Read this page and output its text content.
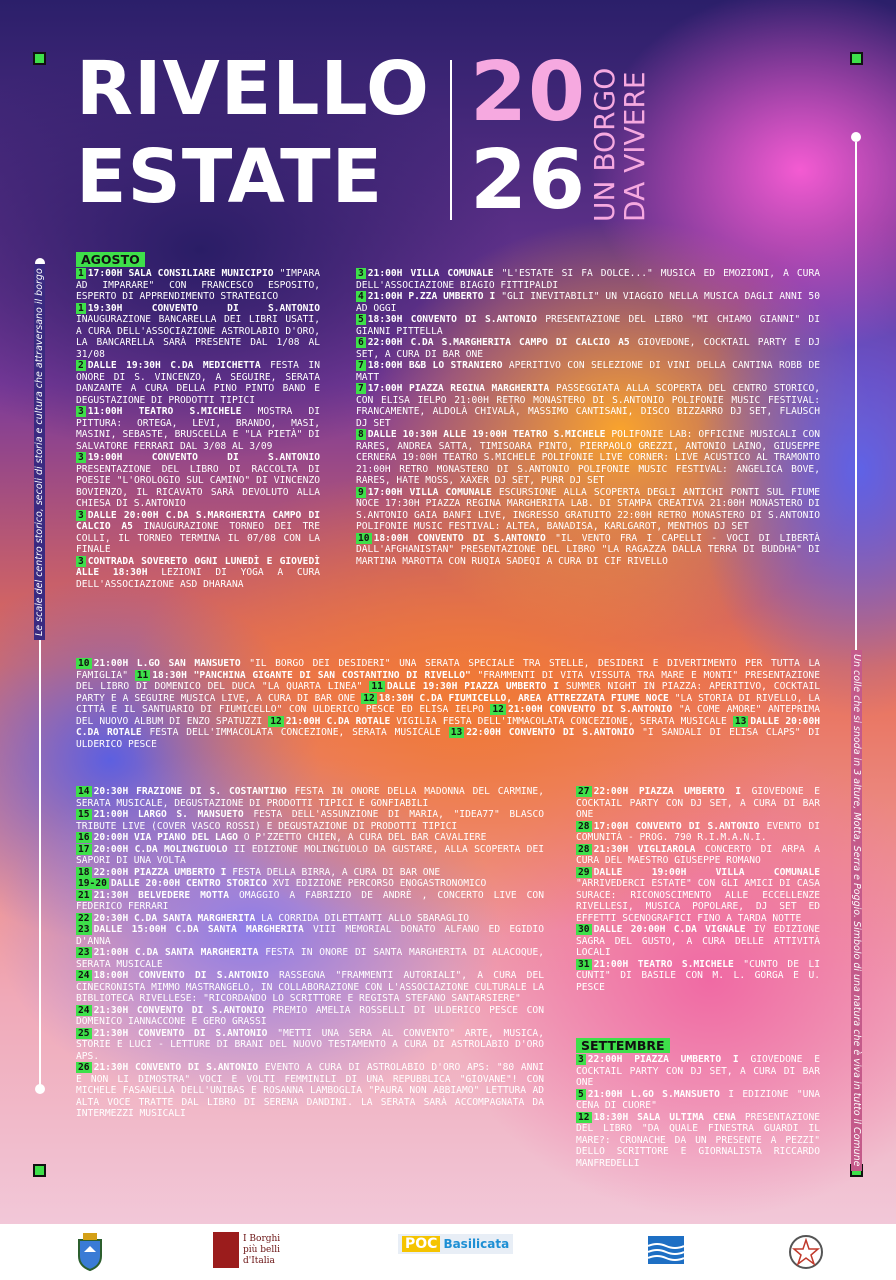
RIVELLO
ESTATE
20
26 UN BORGO
DA VIVERE
Le scale del centro storico, secoli di storia e cultura che attraversano il borgo
Un colle che si snoda in 3 alture, Motta, Serra e Poggio. Simbolo di una natura che è viva in tutto il Comune
AGOSTO
SETTEMBRE

1 17:00H SALA CONSILIARE MUNICIPIO "IMPARA AD IMPARARE" CON FRANCESCO ESPOSITO, ESPERTO DI APPRENDIMENTO STRATEGICO

1 19:30H CONVENTO DI S.ANTONIO INAUGURAZIONE BANCARELLA DEI LIBRI USATI, A CURA DELL'ASSOCIAZIONE ASTROLABIO D'ORO, LA BANCARELLA SARÀ PRESENTE DAL 1/08 AL 31/08

2 DALLE 19:30H C.DA MEDICHETTA FESTA IN ONORE DI S. VINCENZO, A SEGUIRE, SERATA DANZANTE A CURA DELLA PINO PINTO BAND E DEGUSTAZIONE DI PRODOTTI TIPICI

3 11:00H TEATRO S.MICHELE MOSTRA DI PITTURA: ORTEGA, LEVI, BRANDO, MASI, MASINI, SEBASTE, BRUSCELLA E "LA PIETÀ" DI SALVATORE FERRARI DAL 3/08 AL 3/09

3 19:00H CONVENTO DI S.ANTONIO PRESENTAZIONE DEL LIBRO DI RACCOLTA DI POESIE "L'OROLOGIO SUL CAMINO" DI VINCENZO BOVIENZO, IL RICAVATO SARÀ DEVOLUTO ALLA CHIESA DI S.ANTONIO

3 DALLE 20:00H C.DA S.MARGHERITA CAMPO DI CALCIO A5 INAUGURAZIONE TORNEO DEI TRE COLLI, IL TORNEO TERMINA IL 07/08 CON LA FINALE

3 CONTRADA SOVERETO OGNI LUNEDÌ E GIOVEDÌ ALLE 18:30H LEZIONI DI YOGA A CURA DELL'ASSOCIAZIONE ASD DHARANA

3 21:00H VILLA COMUNALE "L'ESTATE SI FA DOLCE..." MUSICA ED EMOZIONI, A CURA DELL'ASSOCIAZIONE BIAGIO FITTIPALDI

4 21:00H P.ZZA UMBERTO I "GLI INEVITABILI" UN VIAGGIO NELLA MUSICA DAGLI ANNI 50 AD OGGI

5 18:30H CONVENTO DI S.ANTONIO PRESENTAZIONE DEL LIBRO "MI CHIAMO GIANNI" DI GIANNI PITTELLA

6 22:00H C.DA S.MARGHERITA CAMPO DI CALCIO A5 GIOVEDONE, COCKTAIL PARTY E DJ SET, A CURA DI BAR ONE

7 18:00H B&B LO STRANIERO APERITIVO CON SELEZIONE DI VINI DELLA CANTINA ROBB DE MATT

7 17:00H PIAZZA REGINA MARGHERITA PASSEGGIATA ALLA SCOPERTA DEL CENTRO STORICO, CON ELISA IELPO 21:00H RETRO MONASTERO DI S.ANTONIO POLIFONIE MUSIC FESTIVAL: FRANCAMENTE, ALDOLÀ CHIVALÀ, MASSIMO CANTISANI, DISCO BIZZARRO DJ SET, FLAUSCH DJ SET

8 DALLE 10:30H ALLE 19:00H TEATRO S.MICHELE POLIFONIE LAB: OFFICINE MUSICALI CON RARES, ANDREA SATTA, TIMISOARA PINTO, PIERPAOLO GREZZI, ANTONIO LAINO, GIUSEPPE CERNERA 19:00H TEATRO S.MICHELE POLIFONIE LIVE CORNER: LIVE ACUSTICO AL TRAMONTO 21:00H RETRO MONASTERO DI S.ANTONIO POLIFONIE MUSIC FESTIVAL: ANGELICA BOVE, RARES, HATE MOSS, XAXER DJ SET, PURR DJ SET

9 17:00H VILLA COMUNALE ESCURSIONE ALLA SCOPERTA DEGLI ANTICHI PONTI SUL FIUME NOCE 17:30H PIAZZA REGINA MARGHERITA LAB. DI STAMPA CREATIVA 21:00H MONASTERO DI S.ANTONIO GAIA BANFI LIVE, INGRESSO GRATUITO 22:00H RETRO MONASTERO DI S.ANTONIO POLIFONIE MUSIC FESTIVAL: ALTEA, BANADISA, KARLGAROT, MENTHOS DJ SET

10 18:00H CONVENTO DI S.ANTONIO "IL VENTO FRA I CAPELLI - VOCI DI LIBERTÀ DALL'AFGHANISTAN" PRESENTAZIONE DEL LIBRO "LA RAGAZZA DALLA TERRA DI BUDDHA" DI MARTINA MAROTTA CON RUQIA SADEQI A CURA DI CIF RIVELLO

10 21:00H L.GO SAN MANSUETO "IL BORGO DEI DESIDERI" UNA SERATA SPECIALE TRA STELLE, DESIDERI E DIVERTIMENTO PER TUTTA LA FAMIGLIA" 11 18:30H "PANCHINA GIGANTE DI SAN COSTANTINO DI RIVELLO" "FRAMMENTI DI VITA VISSUTA TRA MARE E MONTI" PRESENTAZIONE DEL LIBRO DI DOMENICO DEL DUCA "LA QUARTA LINEA" 11 DALLE 19:30H PIAZZA UMBERTO I SUMMER NIGHT IN PIAZZA: APERITIVO, COCKTAIL PARTY E A SEGUIRE MUSICA LIVE, A CURA DI BAR ONE 12 18:30H C.DA FIUMICELLO, AREA ATTREZZATA FIUME NOCE "LA STORIA DI RIVELLO, LA CITTÀ E IL SANTUARIO DI FIUMICELLO" CON ULDERICO PESCE ED ELISA IELPO 12 21:00H CONVENTO DI S.ANTONIO "A COME AMORE" ANTEPRIMA DEL NUOVO ALBUM DI ENZO SPATUZZI 12 21:00H C.DA ROTALE VIGILIA FESTA DELL'IMMACOLATA CONCEZIONE, SERATA MUSICALE 13 DALLE 20:00H C.DA ROTALE FESTA DELL'IMMACOLATA CONCEZIONE, SERATA MUSICALE 13 22:00H CONVENTO DI S.ANTONIO "I SANDALI DI ELISA CLAPS" DI ULDERICO PESCE

14 20:30H FRAZIONE DI S. COSTANTINO FESTA IN ONORE DELLA MADONNA DEL CARMINE, SERATA MUSICALE, DEGUSTAZIONE DI PRODOTTI TIPICI E GONFIABILI

15 21:00H LARGO S. MANSUETO FESTA DELL'ASSUNZIONE DI MARIA, "IDEA77" BLASCO TRIBUTE LIVE (COVER VASCO ROSSI) E DEGUSTAZIONE DI PRODOTTI TIPICI

16 20:00H VIA PIANO DEL LAGO O P'ZZETTO CHIEN, A CURA DEL BAR CAVALIERE

17 20:00H C.DA MOLINGIUOLO II EDIZIONE MOLINGIUOLO DA GUSTARE, ALLA SCOPERTA DEI SAPORI DI UNA VOLTA

18 22:00H PIAZZA UMBERTO I FESTA DELLA BIRRA, A CURA DI BAR ONE

19-20 DALLE 20:00H CENTRO STORICO XVI EDIZIONE PERCORSO ENOGASTRONOMICO

21 21:30H BELVEDERE MOTTA OMAGGIO A FABRIZIO DE ANDRÈ , CONCERTO LIVE CON FEDERICO FERRARI

22 20:30H C.DA SANTA MARGHERITA LA CORRIDA DILETTANTI ALLO SBARAGLIO

23 DALLE 15:00H C.DA SANTA MARGHERITA VIII MEMORIAL DONATO ALFANO ED EGIDIO D'ANNA

23 21:00H C.DA SANTA MARGHERITA FESTA IN ONORE DI SANTA MARGHERITA DI ALACOQUE, SERATA MUSICALE

24 18:00H CONVENTO DI S.ANTONIO RASSEGNA "FRAMMENTI AUTORIALI", A CURA DEL CINECRONISTA MIMMO MASTRANGELO, IN COLLABORAZIONE CON L'ASSOCIAZIONE CULTURALE LA BIBLIOTECA RIVELLESE: "RICORDANDO LO SCRITTORE E REGISTA STEFANO SANTARSIERE"

24 21:30H CONVENTO DI S.ANTONIO PREMIO AMELIA ROSSELLI DI ULDERICO PESCE CON DOMENICO IANNACCONE E GERO GRASSI

25 21:30H CONVENTO DI S.ANTONIO "METTI UNA SERA AL CONVENTO" ARTE, MUSICA, STORIE E LUCI - LETTURE DI BRANI DEL NUOVO TESTAMENTO A CURA DI ASTROLABIO D'ORO APS.

26 21:30H CONVENTO DI S.ANTONIO EVENTO A CURA DI ASTROLABIO D'ORO APS: "80 ANNI E NON LI DIMOSTRA" VOCI E VOLTI FEMMINILI DI UNA REPUBBLICA "GIOVANE"! CON MICHELE FASANELLA DELL'UNIBAS E ROSANNA LAMBOGLIA "PAURA NON ABBIAMO" LETTURA AD ALTA VOCE TRATTE DAL LIBRO DI SERENA DANDINI. LA SERATA SARÀ ACCOMPAGNATA DA INTERMEZZI MUSICALI

27 22:00H PIAZZA UMBERTO I GIOVEDONE E COCKTAIL PARTY CON DJ SET, A CURA DI BAR ONE

28 17:00H CONVENTO DI S.ANTONIO EVENTO DI COMUNITÀ - PROG. 790 R.I.M.A.N.I.

28 21:30H VIGLIAROLA CONCERTO DI ARPA A CURA DEL MAESTRO GIUSEPPE ROMANO

29 DALLE 19:00H VILLA COMUNALE "ARRIVEDERCI ESTATE" CON GLI AMICI DI CASA SURACE: RICONOSCIMENTO ALLE ECCELLENZE RIVELLESI, MUSICA POPOLARE, DJ SET ED EFFETTI SCENOGRAFICI FINO A TARDA NOTTE

30 DALLE 20:00H C.DA VIGNALE IV EDIZIONE SAGRA DEL GUSTO, A CURA DELLE ATTIVITÀ LOCALI

31 21:00H TEATRO S.MICHELE "CUNTO DE LI CUNTI" DI BASILE CON M. L. GORGA E U. PESCE

3 22:00H PIAZZA UMBERTO I GIOVEDONE E COCKTAIL PARTY CON DJ SET, A CURA DI BAR ONE

5 21:00H L.GO S.MANSUETO I EDIZIONE "UNA CENA DI CUORE"

12 18:30H SALA ULTIMA CENA PRESENTAZIONE DEL LIBRO "DA QUALE FINESTRA GUARDI IL MARE?: CRONACHE DA UN PRESENTE A PEZZI" DELLO SCRITTORE E GIORNALISTA RICCARDO MANFREDELLI

I Borghi più belli d'Italia
POC Basilicata
